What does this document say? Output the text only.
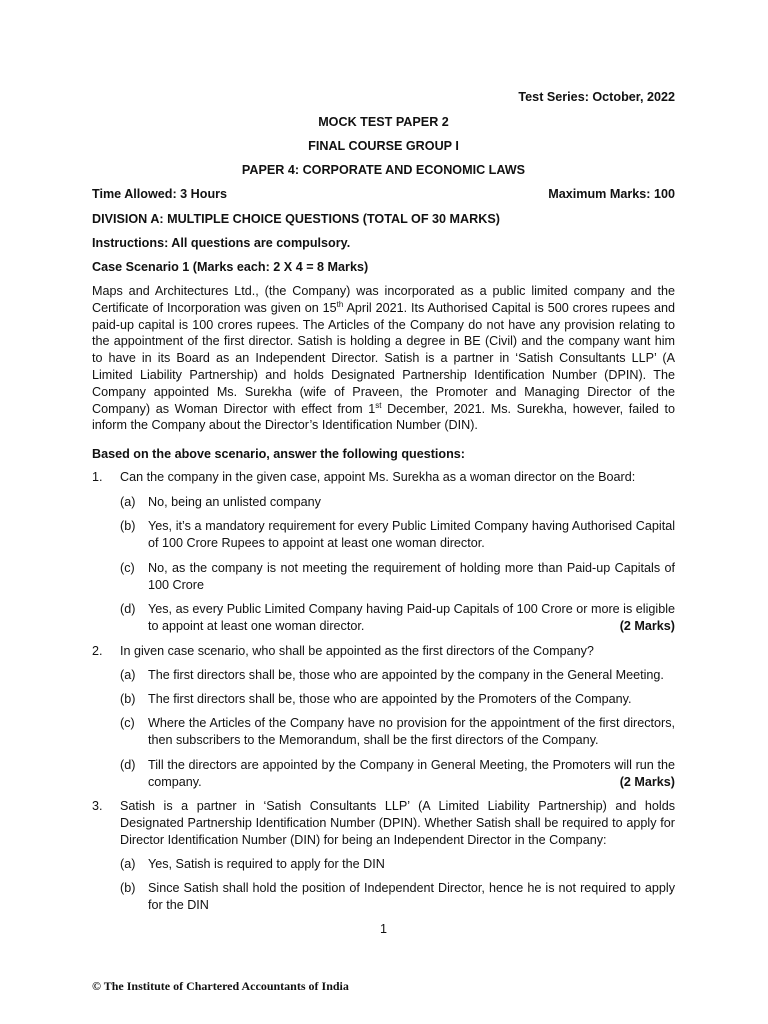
Test Series: October, 2022
MOCK TEST PAPER 2
FINAL COURSE GROUP I
PAPER 4: CORPORATE AND ECONOMIC LAWS
Time Allowed: 3 Hours	Maximum Marks: 100
DIVISION A: MULTIPLE CHOICE QUESTIONS (TOTAL OF 30 MARKS)
Instructions: All questions are compulsory.
Case Scenario 1 (Marks each: 2 X 4 = 8 Marks)
Maps and Architectures Ltd., (the Company) was incorporated as a public limited company and the Certificate of Incorporation was given on 15th April 2021. Its Authorised Capital is 500 crores rupees and paid-up capital is 100 crores rupees. The Articles of the Company do not have any provision relating to the appointment of the first director. Satish is holding a degree in BE (Civil) and the company want him to have in its Board as an Independent Director. Satish is a partner in ‘Satish Consultants LLP’ (A Limited Liability Partnership) and holds Designated Partnership Identification Number (DPIN). The Company appointed Ms. Surekha (wife of Praveen, the Promoter and Managing Director of the Company) as Woman Director with effect from 1st December, 2021. Ms. Surekha, however, failed to inform the Company about the Director’s Identification Number (DIN).
Based on the above scenario, answer the following questions:
1.	Can the company in the given case, appoint Ms. Surekha as a woman director on the Board:
(a) No, being an unlisted company
(b) Yes, it’s a mandatory requirement for every Public Limited Company having Authorised Capital of 100 Crore Rupees to appoint at least one woman director.
(c)	No, as the company is not meeting the requirement of holding more than Paid-up Capitals of 100 Crore
(d) Yes, as every Public Limited Company having Paid-up Capitals of 100 Crore or more is eligible to appoint at least one woman director.	(2 Marks)
2.	In given case scenario, who shall be appointed as the first directors of the Company?
(a) The first directors shall be, those who are appointed by the company in the General Meeting.
(b) The first directors shall be, those who are appointed by the Promoters of the Company.
(c)	Where the Articles of the Company have no provision for the appointment of the first directors, then subscribers to the Memorandum, shall be the first directors of the Company.
(d) Till the directors are appointed by the Company in General Meeting, the Promoters will run the company.	(2 Marks)
3.	Satish is a partner in ‘Satish Consultants LLP’ (A Limited Liability Partnership) and holds Designated Partnership Identification Number (DPIN). Whether Satish shall be required to apply for Director Identification Number (DIN) for being an Independent Director in the Company:
(a) Yes, Satish is required to apply for the DIN
(b) Since Satish shall hold the position of Independent Director, hence he is not required to apply for the DIN
1
© The Institute of Chartered Accountants of India
